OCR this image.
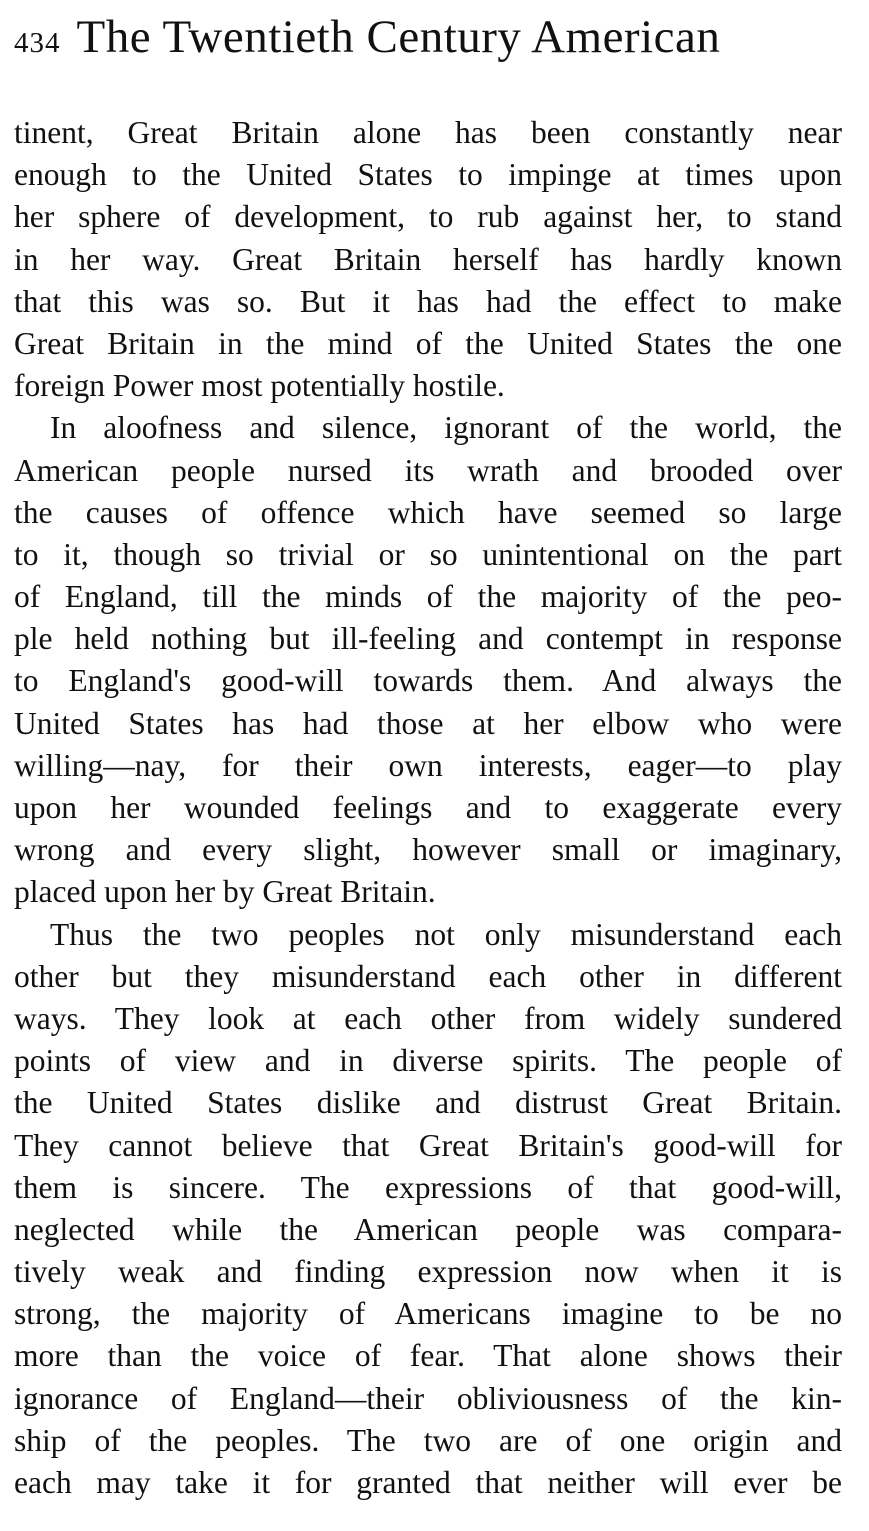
434 The Twentieth Century American
tinent, Great Britain alone has been constantly near
enough to the United States to impinge at times upon
her sphere of development, to rub against her, to stand
in her way. Great Britain herself has hardly known
that this was so. But it has had the effect to make
Great Britain in the mind of the United States the one
foreign Power most potentially hostile.
In aloofness and silence, ignorant of the world, the
American people nursed its wrath and brooded over
the causes of offence which have seemed so large
to it, though so trivial or so unintentional on the part
of England, till the minds of the majority of the peo-
ple held nothing but ill-feeling and contempt in response
to England's good-will towards them. And always the
United States has had those at her elbow who were
willing—nay, for their own interests, eager—to play
upon her wounded feelings and to exaggerate every
wrong and every slight, however small or imaginary,
placed upon her by Great Britain.
Thus the two peoples not only misunderstand each
other but they misunderstand each other in different
ways. They look at each other from widely sundered
points of view and in diverse spirits. The people of
the United States dislike and distrust Great Britain.
They cannot believe that Great Britain's good-will for
them is sincere. The expressions of that good-will,
neglected while the American people was compara-
tively weak and finding expression now when it is
strong, the majority of Americans imagine to be no
more than the voice of fear. That alone shows their
ignorance of England—their obliviousness of the kin-
ship of the peoples. The two are of one origin and
each may take it for granted that neither will ever be
